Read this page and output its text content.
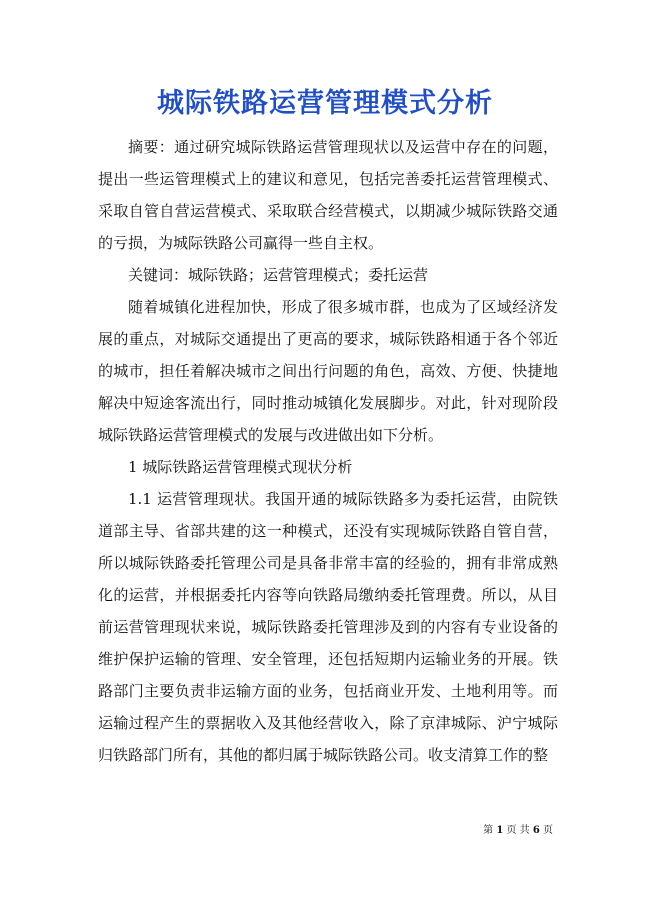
城际铁路运营管理模式分析

摘要：通过研究城际铁路运营管理现状以及运营中存在的问题，提出一些运管理模式上的建议和意见，包括完善委托运营管理模式、采取自管自营运营模式、采取联合经营模式，以期减少城际铁路交通的亏损，为城际铁路公司赢得一些自主权。

关键词：城际铁路；运营管理模式；委托运营

随着城镇化进程加快，形成了很多城市群，也成为了区域经济发展的重点，对城际交通提出了更高的要求，城际铁路相通于各个邻近的城市，担任着解决城市之间出行问题的角色，高效、方便、快捷地解决中短途客流出行，同时推动城镇化发展脚步。对此，针对现阶段城际铁路运营管理模式的发展与改进做出如下分析。

1 城际铁路运营管理模式现状分析

1.1 运营管理现状。我国开通的城际铁路多为委托运营，由院铁道部主导、省部共建的这一种模式，还没有实现城际铁路自管自营，所以城际铁路委托管理公司是具备非常丰富的经验的，拥有非常成熟化的运营，并根据委托内容等向铁路局缴纳委托管理费。所以，从目前运营管理现状来说，城际铁路委托管理涉及到的内容有专业设备的维护保护运输的管理、安全管理，还包括短期内运输业务的开展。铁路部门主要负责非运输方面的业务，包括商业开发、土地利用等。而运输过程产生的票据收入及其他经营收入，除了京津城际、沪宁城际归铁路部门所有，其他的都归属于城际铁路公司。收支清算工作的整

第 1 页 共 6 页
